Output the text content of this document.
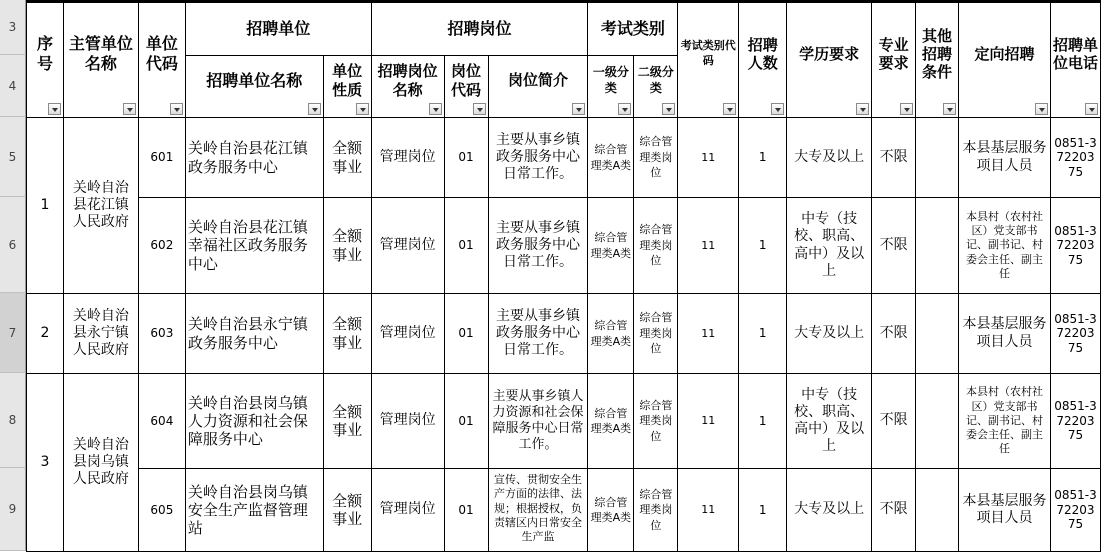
3
4
5
6
7
8
9
序号	主管单位名称	单位代码	招聘单位		招聘岗位			考试类别		考试类别代码	招聘人数	学历要求	专业要求	其他招聘条件	定向招聘	招聘单位电话

			招聘单位名称	单位性质	招聘岗位名称	岗位代码	岗位简介	一级分类	二级分类							

1	关岭自治县花江镇人民政府	601	关岭自治县花江镇政务服务中心	全额事业	管理岗位	01	主要从事乡镇政务服务中心日常工作。	综合管理类A类	综合管理类岗位	11	1	大专及以上	不限		本县基层服务项目人员	0851-37220375
		602	关岭自治县花江镇幸福社区政务服务中心	全额事业	管理岗位	01	主要从事乡镇政务服务中心日常工作。	综合管理类A类	综合管理类岗位	11	1	中专（技校、职高、高中）及以上	不限		本县村（农村社区）党支部书记、副书记、村委会主任、副主任	0851-37220375
2	关岭自治县永宁镇人民政府	603	关岭自治县永宁镇政务服务中心	全额事业	管理岗位	01	主要从事乡镇政务服务中心日常工作。	综合管理类A类	综合管理类岗位	11	1	大专及以上	不限		本县基层服务项目人员	0851-37220375
3	关岭自治县岗乌镇人民政府	604	关岭自治县岗乌镇人力资源和社会保障服务中心	全额事业	管理岗位	01	主要从事乡镇人力资源和社会保障服务中心日常工作。	综合管理类A类	综合管理类岗位	11	1	中专（技校、职高、高中）及以上	不限		本县村（农村社区）党支部书记、副书记、村委会主任、副主任	0851-37220375
		605	关岭自治县岗乌镇安全生产监督管理站	全额事业	管理岗位	01	宣传、贯彻安全生产方面的法律、法规；根据授权，负责辖区内日常安全生产监	综合管理类A类	综合管理类岗位	11	1	大专及以上	不限		本县基层服务项目人员	0851-37220375
